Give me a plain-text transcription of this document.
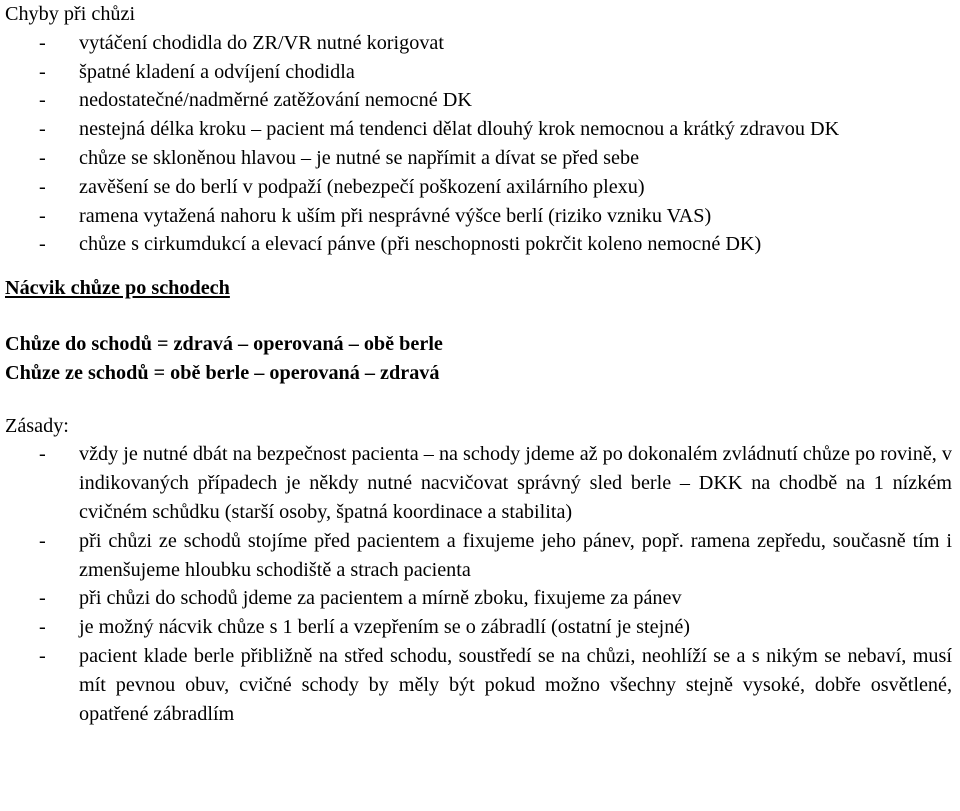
Chyby při chůzi
- vytáčení chodidla do ZR/VR nutné korigovat
- špatné kladení a odvíjení chodidla
- nedostatečné/nadměrné zatěžování nemocné DK
- nestejná délka kroku – pacient má tendenci dělat dlouhý krok nemocnou a krátký zdravou DK
- chůze se skloněnou hlavou – je nutné se napřímit a dívat se před sebe
- zavěšení se do berlí v podpaží (nebezpečí poškození axilárního plexu)
- ramena vytažená nahoru k uším při nesprávné výšce berlí (riziko vzniku VAS)
- chůze s cirkumdukcí a elevací pánve (při neschopnosti pokrčit koleno nemocné DK)
Nácvik chůze po schodech
Chůze do schodů = zdravá – operovaná – obě berle
Chůze ze schodů = obě berle – operovaná – zdravá
Zásady:
- vždy je nutné dbát na bezpečnost pacienta – na schody jdeme až po dokonalém zvládnutí chůze po rovině, v indikovaných případech je někdy nutné nacvičovat správný sled berle – DKK na chodbě na 1 nízkém cvičném schůdku (starší osoby, špatná koordinace a stabilita)
- při chůzi ze schodů stojíme před pacientem a fixujeme jeho pánev, popř. ramena zepředu, současně tím i zmenšujeme hloubku schodiště a strach pacienta
- při chůzi do schodů jdeme za pacientem a mírně zboku, fixujeme za pánev
- je možný nácvik chůze s 1 berlí a vzepřením se o zábradlí (ostatní je stejné)
- pacient klade berle přibližně na střed schodu, soustředí se na chůzi, neohlíží se a s nikým se nebaví, musí mít pevnou obuv, cvičné schody by měly být pokud možno všechny stejně vysoké, dobře osvětlené, opatřené zábradlím
